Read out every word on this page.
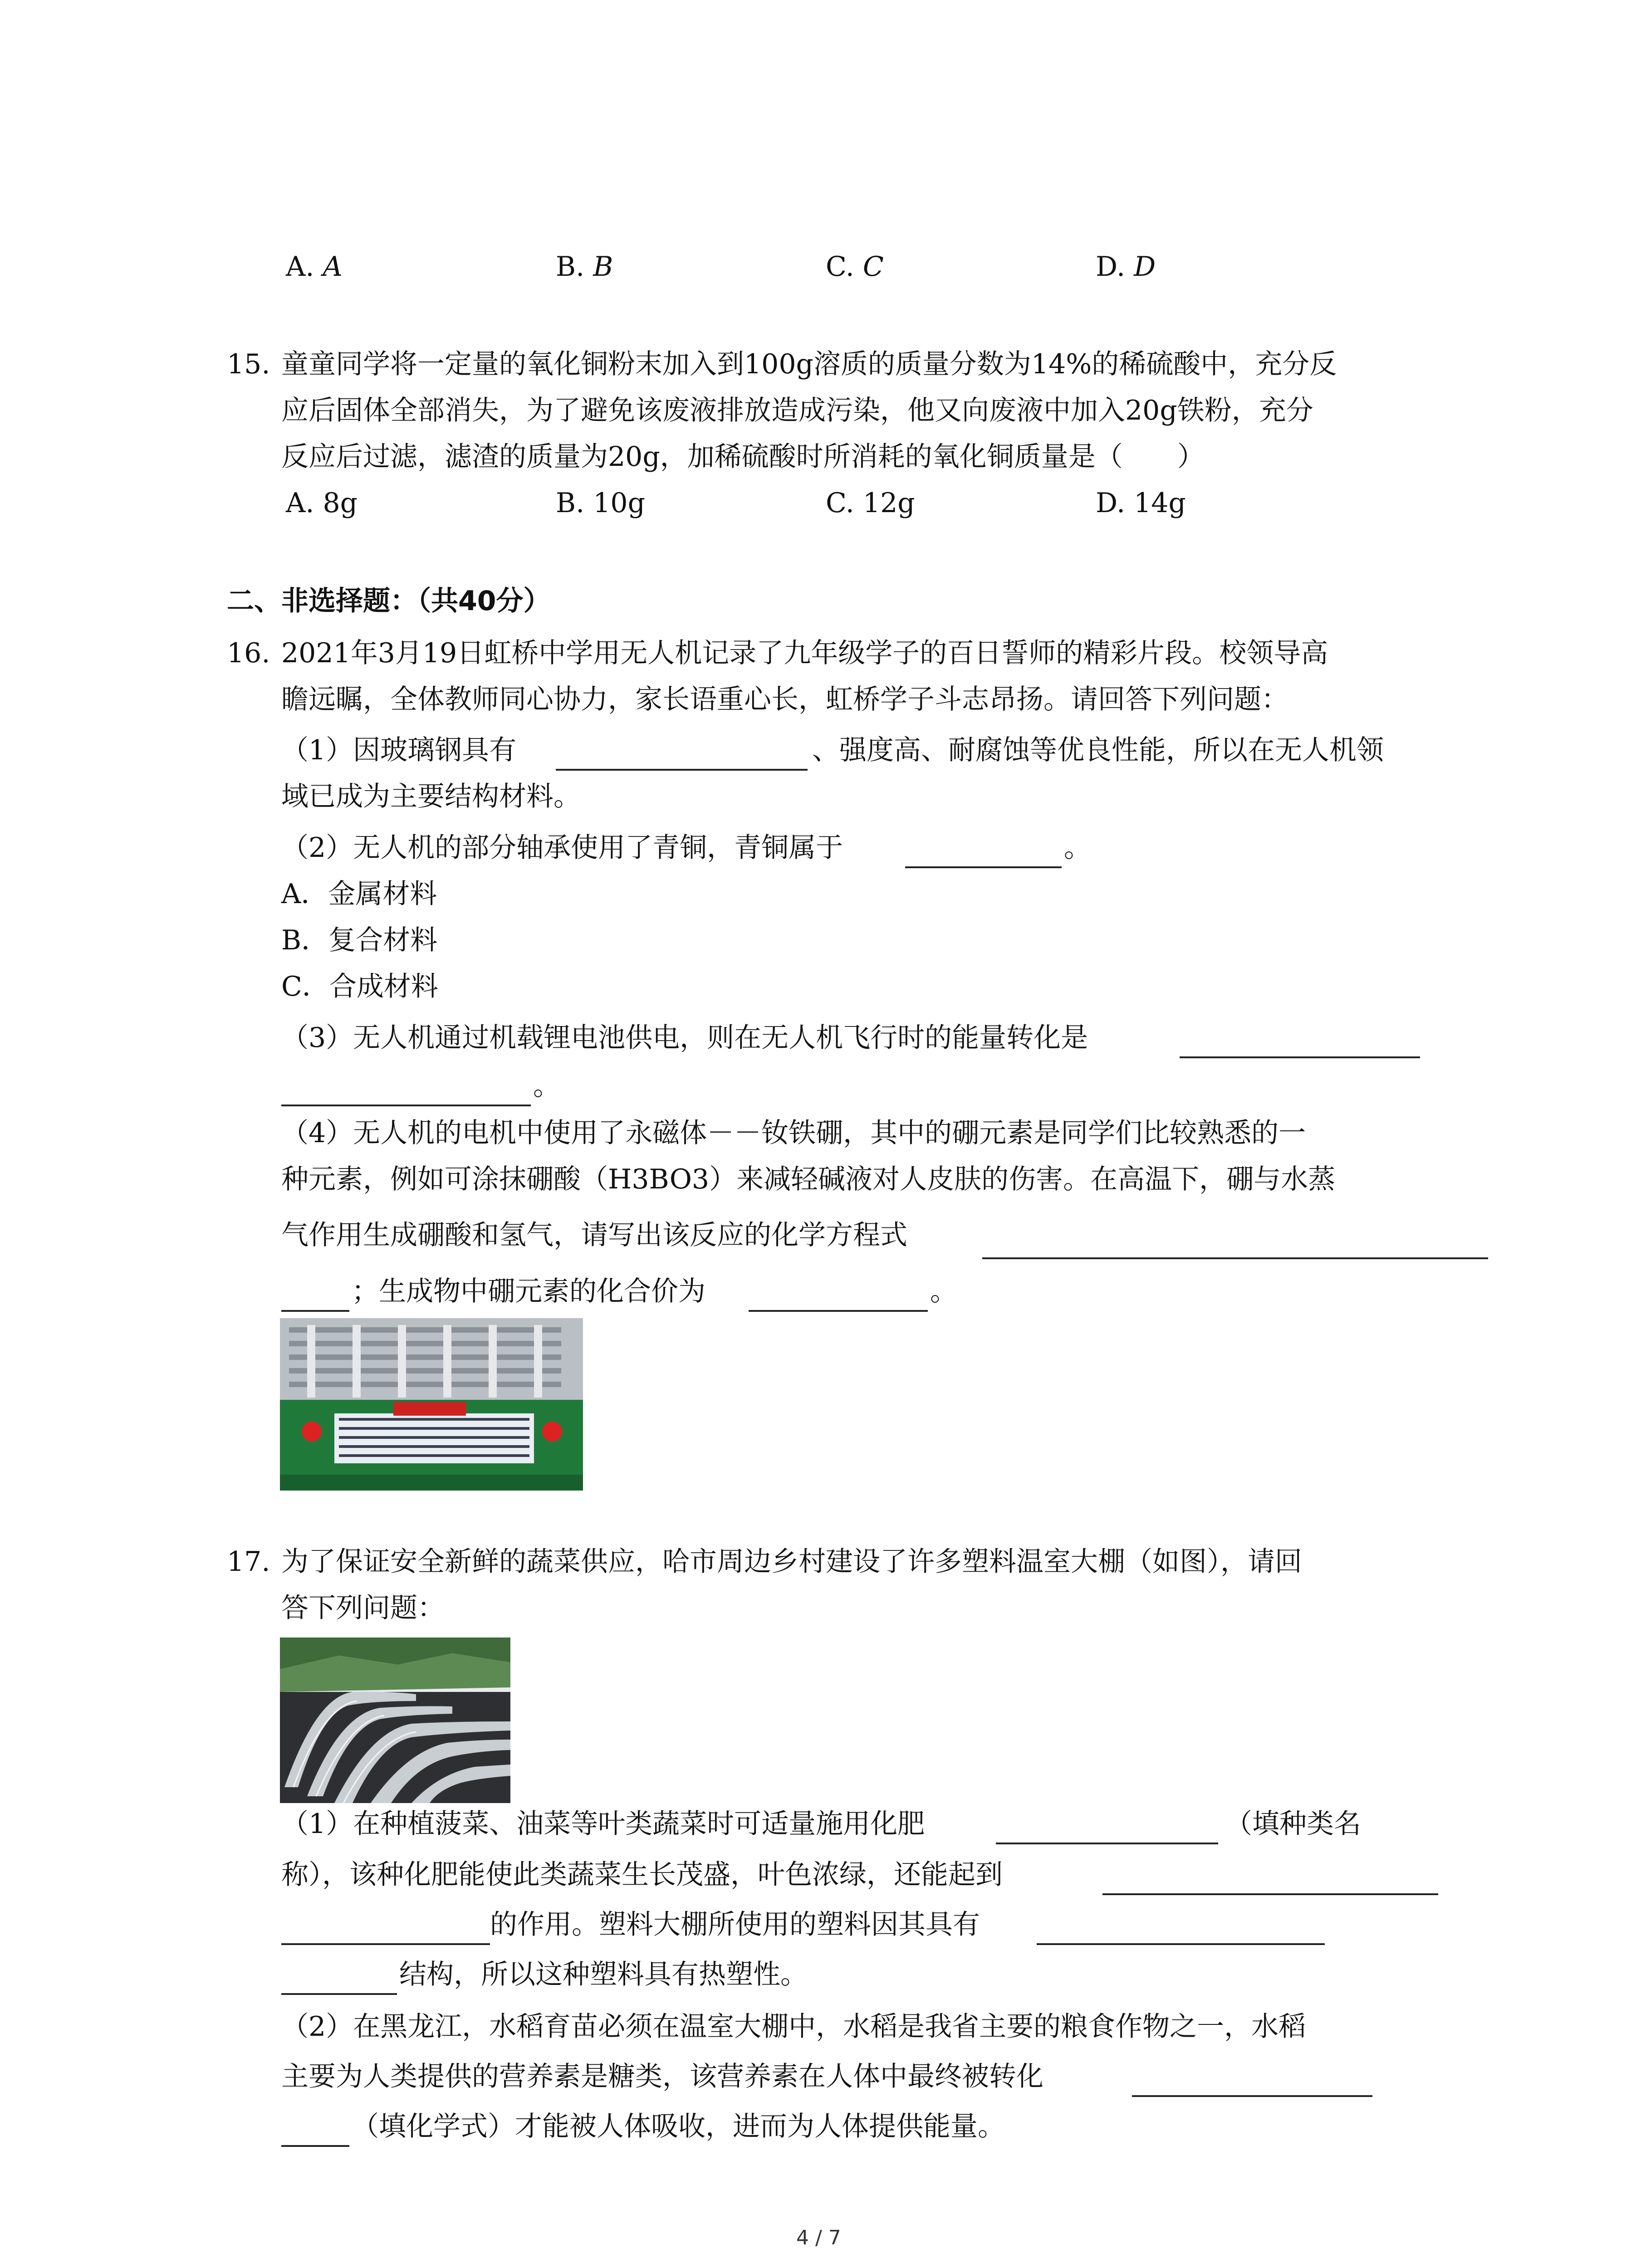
A. A	B. B	C. C	D. D
15. 童童同学将一定量的氧化铜粉末加入到100g溶质的质量分数为14%的稀硫酸中，充分反
应后固体全部消失，为了避免该废液排放造成污染，他又向废液中加入20g铁粉，充分
反应后过滤，滤渣的质量为20g，加稀硫酸时所消耗的氧化铜质量是（　　）
A. 8g	B. 10g	C. 12g	D. 14g
二、非选择题：（共40分）
16. 2021年3月19日虹桥中学用无人机记录了九年级学子的百日誓师的精彩片段。校领导高
瞻远瞩，全体教师同心协力，家长语重心长，虹桥学子斗志昂扬。请回答下列问题：
（1）因玻璃钢具有	、强度高、耐腐蚀等优良性能，所以在无人机领
域已成为主要结构材料。
（2）无人机的部分轴承使用了青铜，青铜属于	。
A．金属材料
B．复合材料
C．合成材料
（3）无人机通过机载锂电池供电，则在无人机飞行时的能量转化是
。
（4）无人机的电机中使用了永磁体－－钕铁硼，其中的硼元素是同学们比较熟悉的一
种元素，例如可涂抹硼酸（H3BO3）来减轻碱液对人皮肤的伤害。在高温下，硼与水蒸
气作用生成硼酸和氢气，请写出该反应的化学方程式
；生成物中硼元素的化合价为	。
17. 为了保证安全新鲜的蔬菜供应，哈市周边乡村建设了许多塑料温室大棚（如图），请回
答下列问题：
（1）在种植菠菜、油菜等叶类蔬菜时可适量施用化肥	（填种类名
称），该种化肥能使此类蔬菜生长茂盛，叶色浓绿，还能起到
的作用。塑料大棚所使用的塑料因其具有
结构，所以这种塑料具有热塑性。
（2）在黑龙江，水稻育苗必须在温室大棚中，水稻是我省主要的粮食作物之一，水稻
主要为人类提供的营养素是糖类，该营养素在人体中最终被转化
（填化学式）才能被人体吸收，进而为人体提供能量。
4 / 7
